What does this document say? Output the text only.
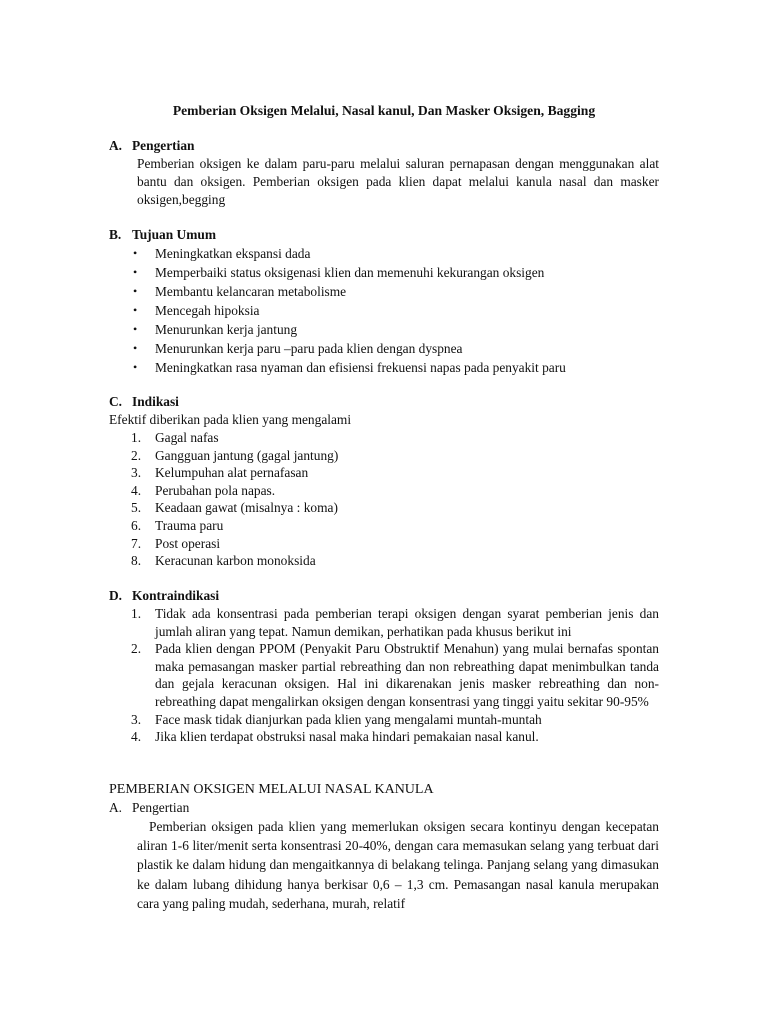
Pemberian Oksigen Melalui, Nasal kanul, Dan Masker Oksigen, Bagging
A. Pengertian
Pemberian oksigen ke dalam paru-paru melalui saluran pernapasan dengan menggunakan alat bantu dan oksigen. Pemberian oksigen pada klien dapat melalui kanula nasal dan masker oksigen,begging
B. Tujuan Umum
• Meningkatkan ekspansi dada
• Memperbaiki status oksigenasi klien dan memenuhi kekurangan oksigen
• Membantu kelancaran metabolisme
• Mencegah hipoksia
• Menurunkan kerja jantung
• Menurunkan kerja paru –paru pada klien dengan dyspnea
• Meningkatkan rasa nyaman dan efisiensi frekuensi napas pada penyakit paru
C. Indikasi
Efektif diberikan pada klien yang mengalami
1. Gagal nafas
2. Gangguan jantung (gagal jantung)
3. Kelumpuhan alat pernafasan
4. Perubahan pola napas.
5. Keadaan gawat (misalnya : koma)
6. Trauma paru
7. Post operasi
8. Keracunan karbon monoksida
D. Kontraindikasi
1. Tidak ada konsentrasi pada pemberian terapi oksigen dengan syarat pemberian jenis dan jumlah aliran yang tepat. Namun demikan, perhatikan pada khusus berikut ini
2. Pada klien dengan PPOM (Penyakit Paru Obstruktif Menahun) yang mulai bernafas spontan maka pemasangan masker partial rebreathing dan non rebreathing dapat menimbulkan tanda dan gejala keracunan oksigen. Hal ini dikarenakan jenis masker rebreathing dan non-rebreathing dapat mengalirkan oksigen dengan konsentrasi yang tinggi yaitu sekitar 90-95%
3. Face mask tidak dianjurkan pada klien yang mengalami muntah-muntah
4. Jika klien terdapat obstruksi nasal maka hindari pemakaian nasal kanul.
PEMBERIAN OKSIGEN MELALUI NASAL KANULA
A. Pengertian
Pemberian oksigen pada klien yang memerlukan oksigen secara kontinyu dengan kecepatan aliran 1-6 liter/menit serta konsentrasi 20-40%, dengan cara memasukan selang yang terbuat dari plastik ke dalam hidung dan mengaitkannya di belakang telinga. Panjang selang yang dimasukan ke dalam lubang dihidung hanya berkisar 0,6 – 1,3 cm. Pemasangan nasal kanula merupakan cara yang paling mudah, sederhana, murah, relatif
